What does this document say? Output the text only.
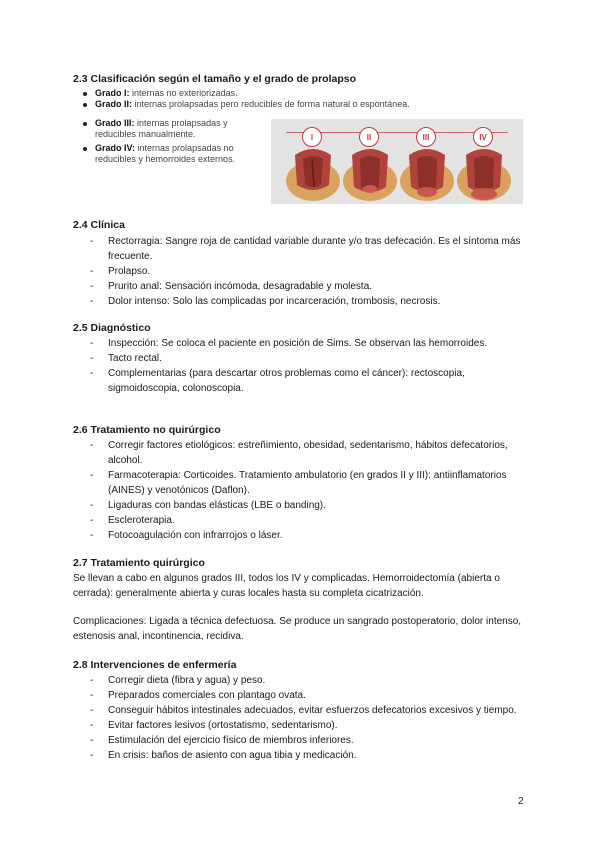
2.3 Clasificación según el tamaño y el grado de prolapso
Grado I: internas no exteriorizadas.
Grado II: internas prolapsadas pero reducibles de forma natural o espontánea.
Grado III: internas prolapsadas y reducibles manualmente.
Grado IV: internas prolapsadas no reducibles y hemorroides externos.
I	II	III	IV
2.4 Clínica
- Rectorragia: Sangre roja de cantidad variable durante y/o tras defecación. Es el síntoma más frecuente.
- Prolapso.
- Prurito anal: Sensación incómoda, desagradable y molesta.
- Dolor intenso: Solo las complicadas por incarceración, trombosis, necrosis.
2.5 Diagnóstico
- Inspección: Se coloca el paciente en posición de Sims. Se observan las hemorroides.
- Tacto rectal.
- Complementarias (para descartar otros problemas como el cáncer): rectoscopia, sigmoidoscopia, colonoscopia.
2.6 Tratamiento no quirúrgico
- Corregir factores etiológicos: estreñimiento, obesidad, sedentarismo, hábitos defecatorios, alcohol.
- Farmacoterapia: Corticoides. Tratamiento ambulatorio (en grados II y III): antiinflamatorios (AINES) y venotónicos (Daflon).
- Ligaduras con bandas elásticas (LBE o banding).
- Escleroterapia.
- Fotocoagulación con infrarrojos o láser.
2.7 Tratamiento quirúrgico

Se llevan a cabo en algunos grados III, todos los IV y complicadas. Hemorroidectomía (abierta o cerrada): generalmente abierta y curas locales hasta su completa cicatrización.

Complicaciones: Ligada a técnica defectuosa. Se produce un sangrado postoperatorio, dolor intenso, estenosis anal, incontinencia, recidiva.

2.8 Intervenciones de enfermería
- Corregir dieta (fibra y agua) y peso.
- Preparados comerciales con plantago ovata.
- Conseguir hábitos intestinales adecuados, evitar esfuerzos defecatorios excesivos y tiempo.
- Evitar factores lesivos (ortostatismo, sedentarismo).
- Estimulación del ejercicio físico de miembros inferiores.
- En crisis: baños de asiento con agua tibia y medicación.
2
